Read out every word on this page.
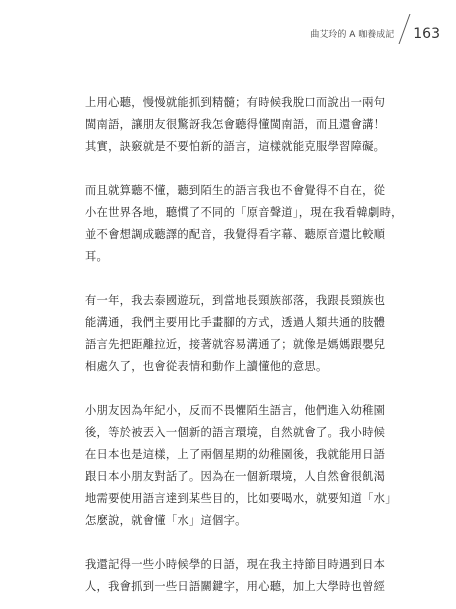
曲艾玲的 A 咖養成記 163

上用心聽，慢慢就能抓到精髓；有時候我脫口而說出一兩句
閩南語，讓朋友很驚訝我怎會聽得懂閩南語，而且還會講！
其實，訣竅就是不要怕新的語言，這樣就能克服學習障礙。

而且就算聽不懂，聽到陌生的語言我也不會覺得不自在，從
小在世界各地，聽慣了不同的「原音聲道」，現在我看韓劇時，
並不會想調成聽譯的配音，我覺得看字幕、聽原音還比較順
耳。

有一年，我去泰國遊玩，到當地長頸族部落，我跟長頸族也
能溝通，我們主要用比手畫腳的方式，透過人類共通的肢體
語言先把距離拉近，接著就容易溝通了；就像是媽媽跟嬰兒
相處久了，也會從表情和動作上讀懂他的意思。

小朋友因為年紀小，反而不畏懼陌生語言，他們進入幼稚園
後，等於被丟入一個新的語言環境，自然就會了。我小時候
在日本也是這樣，上了兩個星期的幼稚園後，我就能用日語
跟日本小朋友對話了。因為在一個新環境，人自然會很飢渴
地需要使用語言達到某些目的，比如要喝水，就要知道「水」
怎麼說，就會懂「水」這個字。

我還記得一些小時候學的日語，現在我主持節目時遇到日本
人，我會抓到一些日語關鍵字，用心聽，加上大學時也曾經
